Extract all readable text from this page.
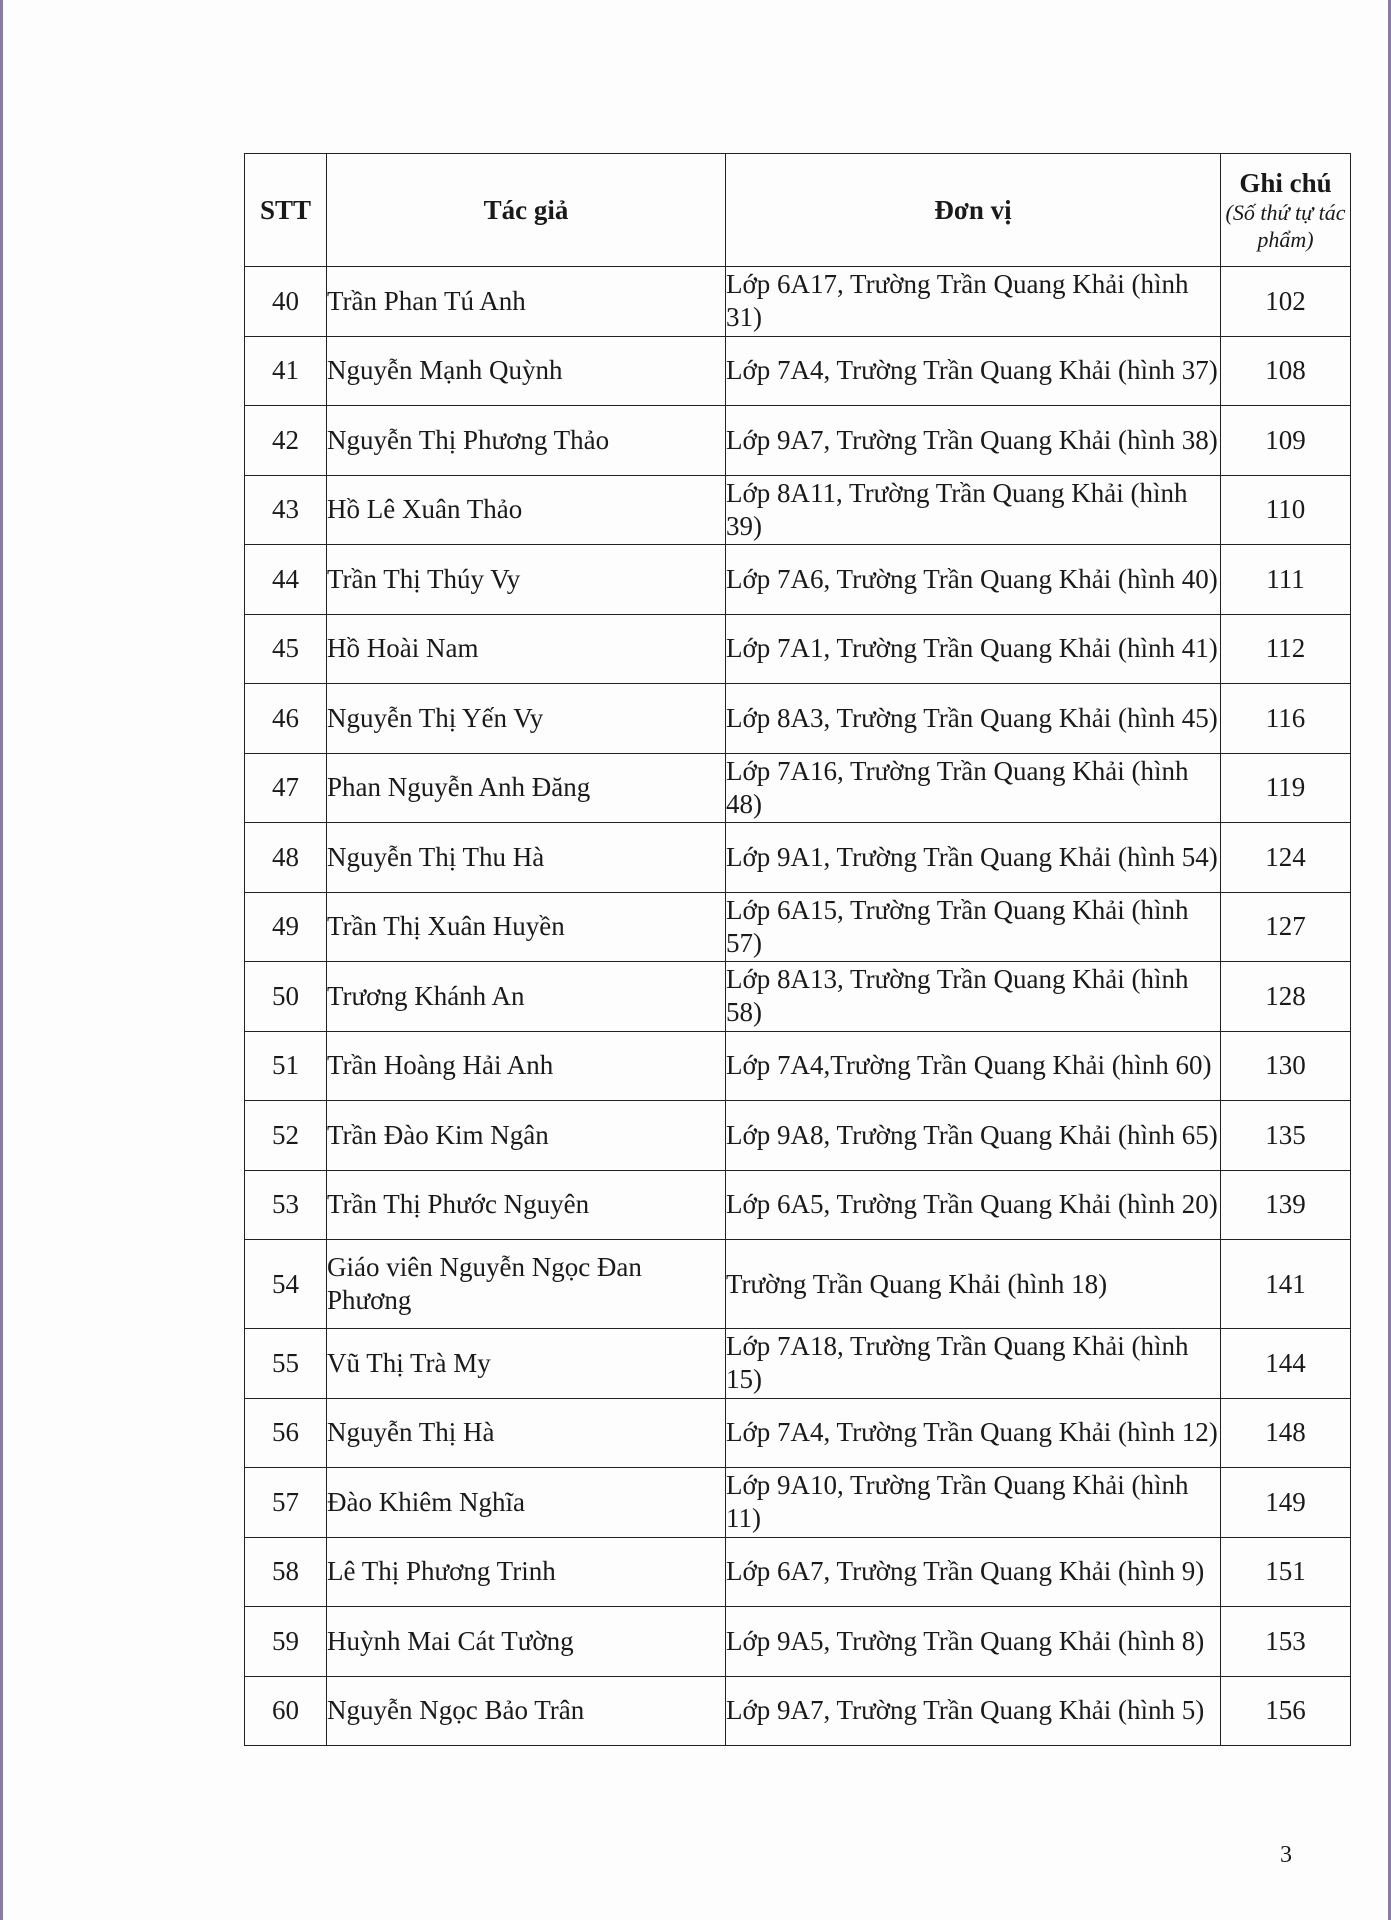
STT	Tác giả	Đơn vị	Ghi chú
(Số thứ tự tác phẩm)

40	Trần Phan Tú Anh	Lớp 6A17, Trường Trần Quang Khải (hình 31)	102
41	Nguyễn Mạnh Quỳnh	Lớp 7A4, Trường Trần Quang Khải (hình 37)	108
42	Nguyễn Thị Phương Thảo	Lớp 9A7, Trường Trần Quang Khải (hình 38)	109
43	Hồ Lê Xuân Thảo	Lớp 8A11, Trường Trần Quang Khải (hình 39)	110
44	Trần Thị Thúy Vy	Lớp 7A6, Trường Trần Quang Khải (hình 40)	111
45	Hồ Hoài Nam	Lớp 7A1, Trường Trần Quang Khải (hình 41)	112
46	Nguyễn Thị Yến Vy	Lớp 8A3, Trường Trần Quang Khải (hình 45)	116
47	Phan Nguyễn Anh Đăng	Lớp 7A16, Trường Trần Quang Khải (hình 48)	119
48	Nguyễn Thị Thu Hà	Lớp 9A1, Trường Trần Quang Khải (hình 54)	124
49	Trần Thị Xuân Huyền	Lớp 6A15, Trường Trần Quang Khải (hình 57)	127
50	Trương Khánh An	Lớp 8A13, Trường Trần Quang Khải (hình 58)	128
51	Trần Hoàng Hải Anh	Lớp 7A4,Trường Trần Quang Khải (hình 60)	130
52	Trần Đào Kim Ngân	Lớp 9A8, Trường Trần Quang Khải (hình 65)	135
53	Trần Thị Phước Nguyên	Lớp 6A5, Trường Trần Quang Khải (hình 20)	139
54	Giáo viên Nguyễn Ngọc Đan Phương	Trường Trần Quang Khải (hình 18)	141
55	Vũ Thị Trà My	Lớp 7A18, Trường Trần Quang Khải (hình 15)	144
56	Nguyễn Thị Hà	Lớp 7A4, Trường Trần Quang Khải (hình 12)	148
57	Đào Khiêm Nghĩa	Lớp 9A10, Trường Trần Quang Khải (hình 11)	149
58	Lê Thị Phương Trinh	Lớp 6A7, Trường Trần Quang Khải (hình 9)	151
59	Huỳnh Mai Cát Tường	Lớp 9A5, Trường Trần Quang Khải (hình 8)	153
60	Nguyễn Ngọc Bảo Trân	Lớp 9A7, Trường Trần Quang Khải (hình 5)	156
3
